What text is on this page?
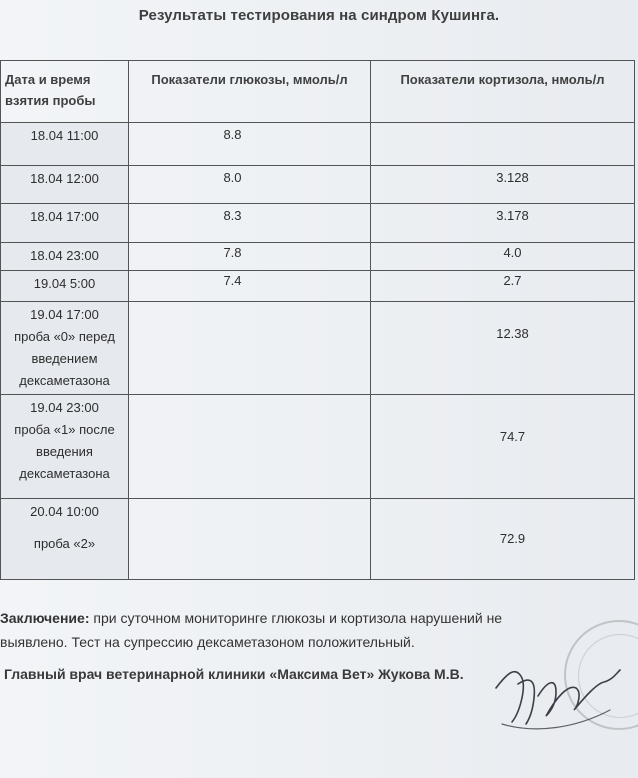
Результаты тестирования на синдром Кушинга.
Дата и время
взятия пробы	Показатели глюкозы, ммоль/л	Показатели кортизола, нмоль/л
18.04 11:00	8.8	
18.04 12:00	8.0	3.128
18.04 17:00	8.3	3.178
18.04 23:00	7.8	4.0
19.04 5:00	7.4	2.7

19.04 17:00
проба «0» перед
введением
дексаметазона		12.38

19.04 23:00
проба «1» после
введения
дексаметазона		74.7

20.04 10:00
проба «2»		72.9
Заключение: при суточном мониторинге глюкозы и кортизола нарушений не
выявлено. Тест на супрессию дексаметазоном положительный.
Главный врач ветеринарной клиники «Максима Вет» Жукова М.В.
